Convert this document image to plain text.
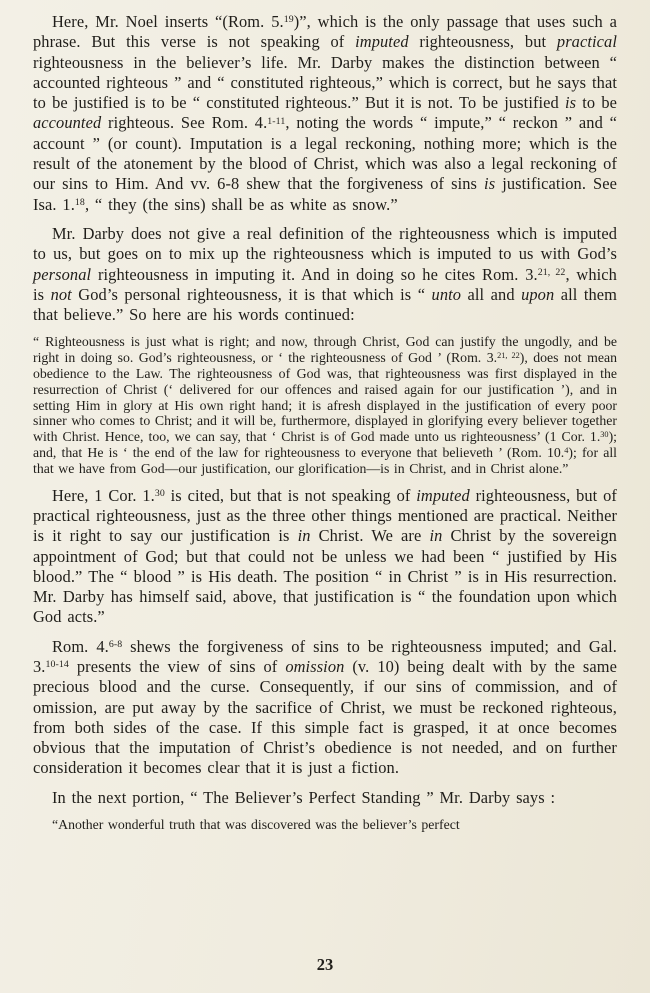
Here, Mr. Noel inserts “(Rom. 5.19)”, which is the only passage that uses such a phrase. But this verse is not speaking of imputed righteousness, but practical righteousness in the believer’s life. Mr. Darby makes the distinction between “ accounted righteous ” and “ constituted righteous,” which is correct, but he says that to be justified is to be “ constituted righteous.” But it is not. To be justified is to be accounted righteous. See Rom. 4.$^{1-11}$, noting the words “ impute,” “ reckon ” and “ account ” (or count). Imputation is a legal reckoning, nothing more; which is the result of the atonement by the blood of Christ, which was also a legal reckoning of our sins to Him. And vv. 6-8 shew that the forgiveness of sins is justification. See Isa. 1.18, “ they (the sins) shall be as white as snow.”

Mr. Darby does not give a real definition of the righteousness which is imputed to us, but goes on to mix up the righteousness which is imputed to us with God’s personal righteousness in imputing it. And in doing so he cites Rom. 3.$^{21, 22}$, which is not God’s personal righteousness, it is that which is “ unto all and upon all them that believe.” So here are his words continued:

“ Righteousness is just what is right; and now, through Christ, God can justify the ungodly, and be right in doing so. God’s righteousness, or ‘ the righteousness of God ’ (Rom. 3.$^{21, 22}$), does not mean obedience to the Law. The righteousness of God was, that righteousness was first displayed in the resurrection of Christ (‘ delivered for our offences and raised again for our justification ’), and in setting Him in glory at His own right hand; it is afresh displayed in the justification of every poor sinner who comes to Christ; and it will be, furthermore, displayed in glorifying every believer together with Christ. Hence, too, we can say, that ‘ Christ is of God made unto us righteousness’ (1 Cor. 1.30); and, that He is ‘ the end of the law for righteousness to everyone that believeth ’ (Rom. 10.$^4$); for all that we have from God—our justification, our glorification—is in Christ, and in Christ alone.”

Here, 1 Cor. 1.30 is cited, but that is not speaking of imputed righteousness, but of practical righteousness, just as the three other things mentioned are practical. Neither is it right to say our justification is in Christ. We are in Christ by the sovereign appointment of God; but that could not be unless we had been “ justified by His blood.” The “ blood ” is His death. The position “ in Christ ” is in His resurrection. Mr. Darby has himself said, above, that justification is “ the foundation upon which God acts.”

Rom. 4.$^{6-8}$ shews the forgiveness of sins to be righteousness imputed; and Gal. 3.$^{10-14}$ presents the view of sins of omission (v. 10) being dealt with by the same precious blood and the curse. Consequently, if our sins of commission, and of omission, are put away by the sacrifice of Christ, we must be reckoned righteous, from both sides of the case. If this simple fact is grasped, it at once becomes obvious that the imputation of Christ’s obedience is not needed, and on further consideration it becomes clear that it is just a fiction.

In the next portion, “ The Believer’s Perfect Standing ” Mr. Darby says :

“Another wonderful truth that was discovered was the believer’s perfect

23
